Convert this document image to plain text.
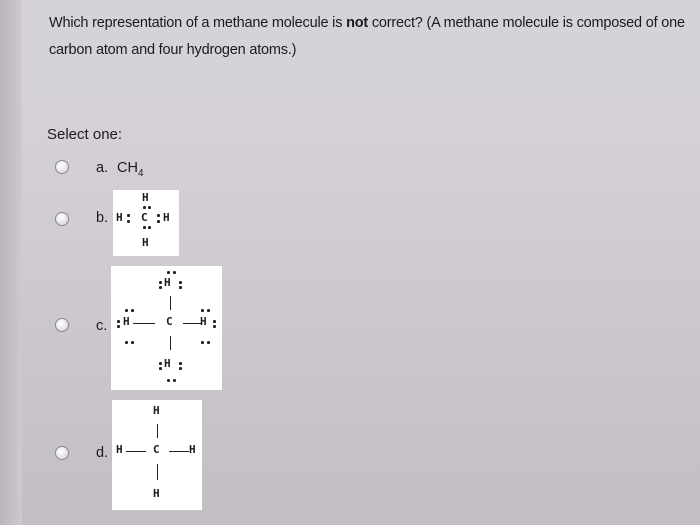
Which representation of a methane molecule is not correct? (A methane molecule is composed of one carbon atom and four hydrogen atoms.)
Select one:
a. $CH_4$
b.
H
H C H
H
c.
H
H	C H
H
d.
H
H	C	H
H
